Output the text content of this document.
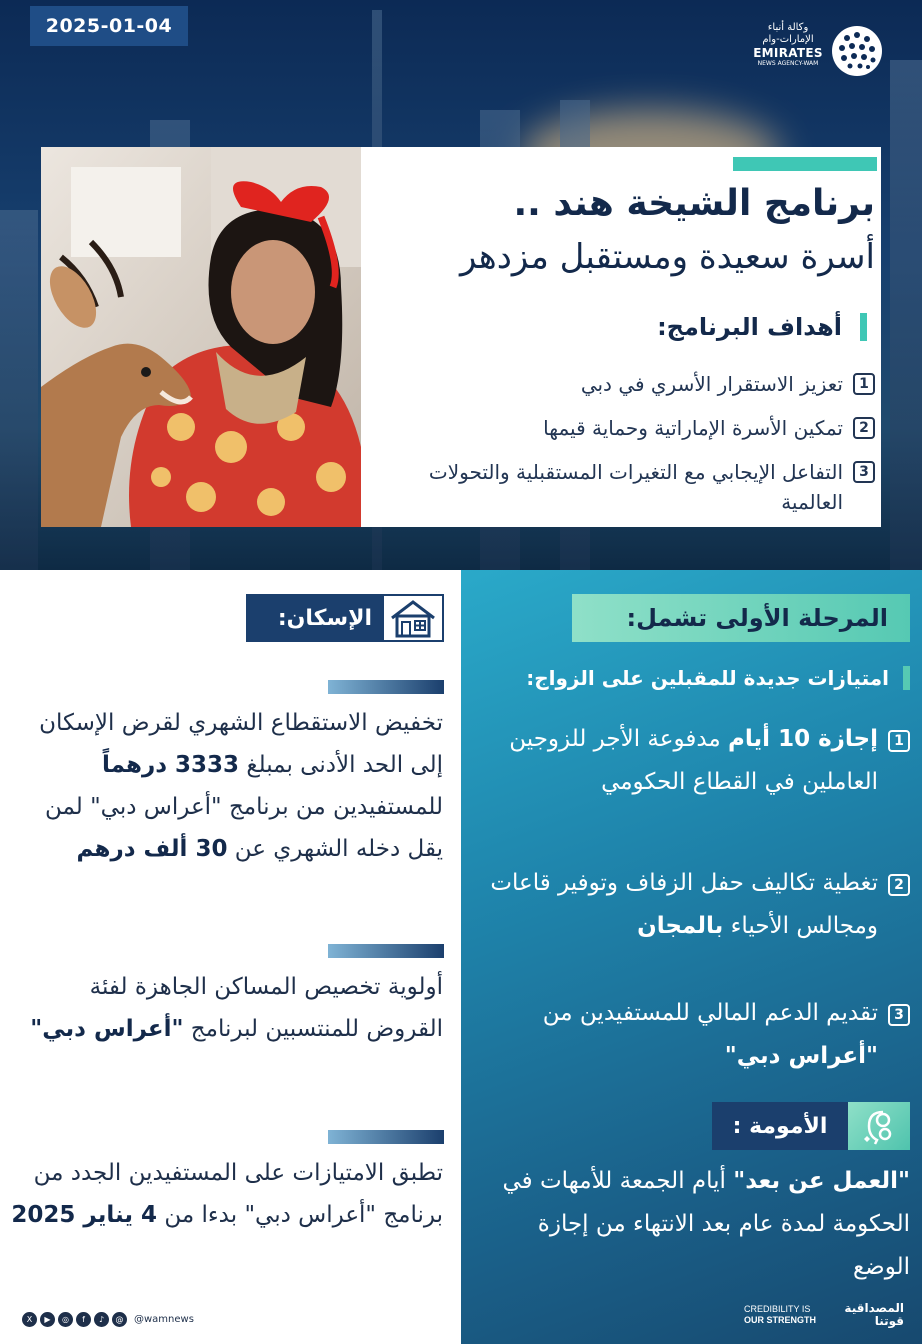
2025-01-04	وكالة أنباء الإمارات-وام
EMIRATES
NEWS AGENCY-WAM
برنامج الشيخة هند ..
أسرة سعيدة ومستقبل مزدهر
أهداف البرنامج:
1
تعزيز الاستقرار الأسري في دبي
2
تمكين الأسرة الإماراتية وحماية قيمها
3
التفاعل الإيجابي مع التغيرات المستقبلية والتحولات العالمية
الإسكان:
تخفيض الاستقطاع الشهري لقرض الإسكان إلى الحد الأدنى بمبلغ 3333 درهماً للمستفيدين من برنامج "أعراس دبي" لمن يقل دخله الشهري عن 30 ألف درهم
أولوية تخصيص المساكن الجاهزة لفئة القروض للمنتسبين لبرنامج "أعراس دبي"
تطبق الامتيازات على المستفيدين الجدد من برنامج "أعراس دبي" بدءا من 4 يناير 2025
المرحلة الأولى تشمل:
امتيازات جديدة للمقبلين على الزواج:
1
إجازة 10 أيام مدفوعة الأجر للزوجين العاملين في القطاع الحكومي
2
تغطية تكاليف حفل الزفاف وتوفير قاعات ومجالس الأحياء بالمجان
3
تقديم الدعم المالي للمستفيدين من "أعراس دبي"
الأمومة :
"العمل عن بعد" أيام الجمعة للأمهات في الحكومة لمدة عام بعد الانتهاء من إجازة الوضع
X	▶	◎	f	♪	@	@wamnews
CREDIBILITY IS
OUR STRENGTH
المصداقية
قوتنا
